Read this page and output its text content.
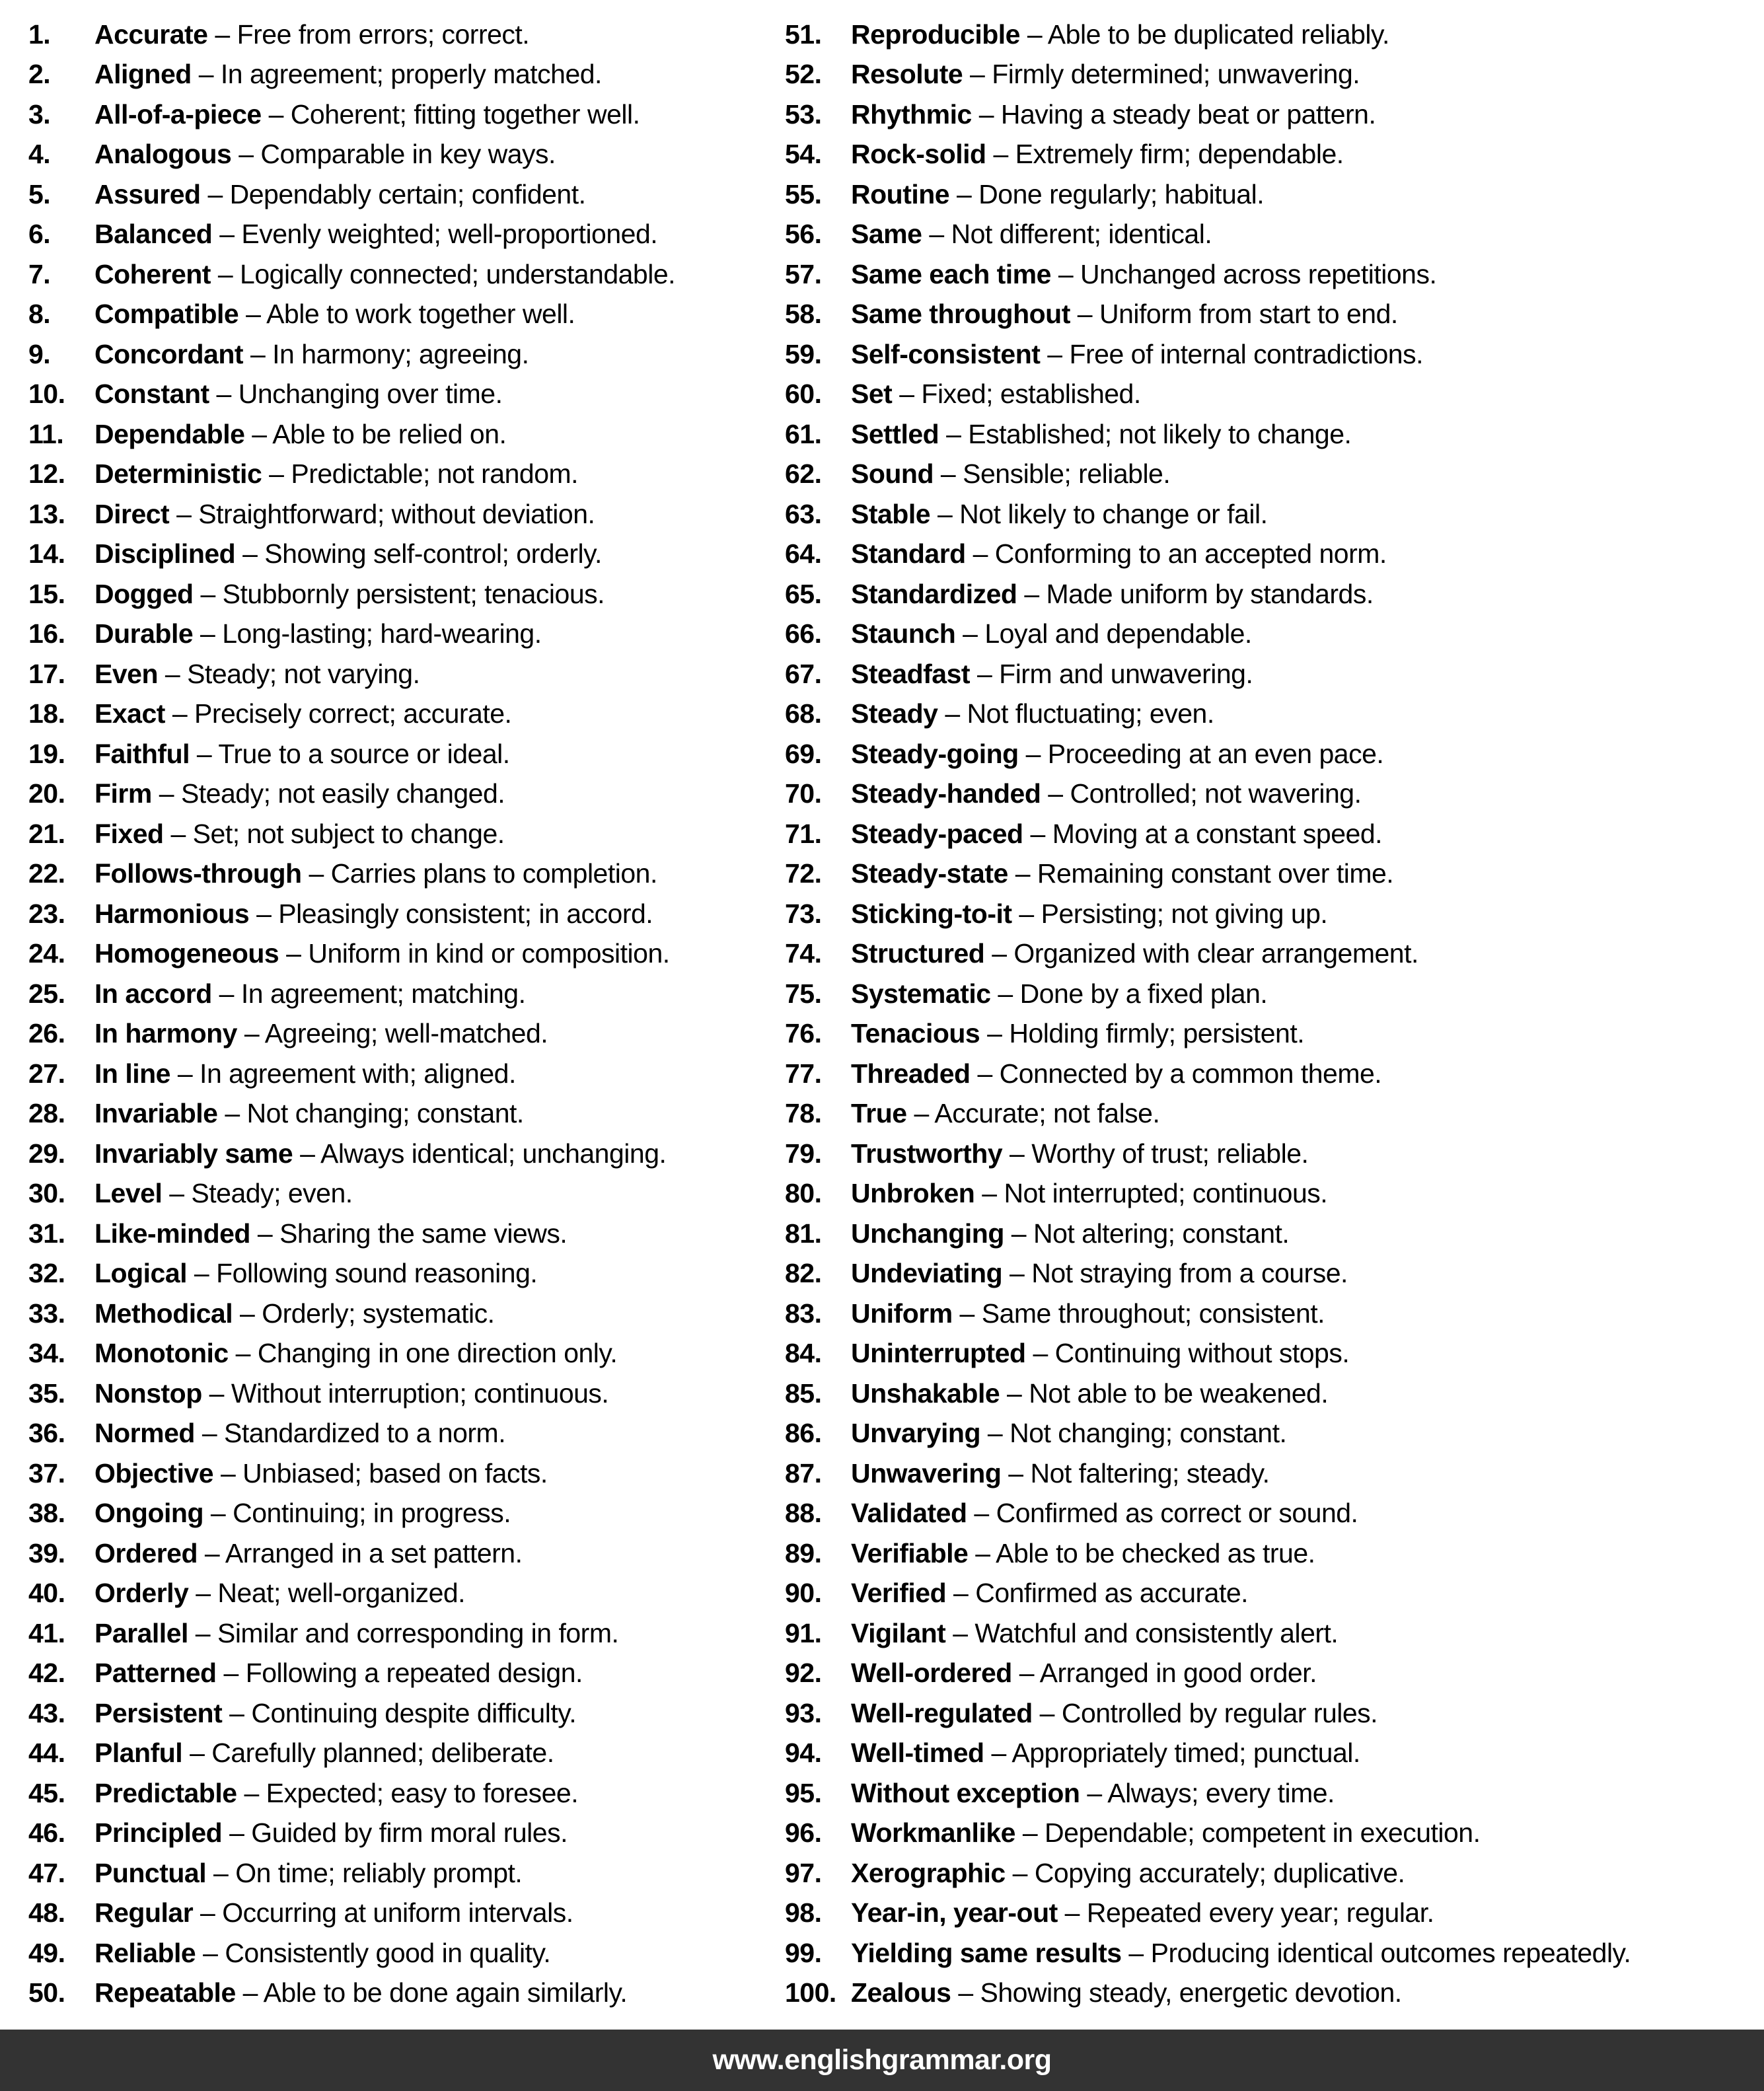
1.	Accurate – Free from errors; correct.
2.	Aligned – In agreement; properly matched.
3.	All-of-a-piece – Coherent; fitting together well.
4.	Analogous – Comparable in key ways.
5.	Assured – Dependably certain; confident.
6.	Balanced – Evenly weighted; well-proportioned.
7.	Coherent – Logically connected; understandable.
8.	Compatible – Able to work together well.
9.	Concordant – In harmony; agreeing.
10.	Constant – Unchanging over time.
11.	Dependable – Able to be relied on.
12.	Deterministic – Predictable; not random.
13.	Direct – Straightforward; without deviation.
14.	Disciplined – Showing self-control; orderly.
15.	Dogged – Stubbornly persistent; tenacious.
16.	Durable – Long-lasting; hard-wearing.
17.	Even – Steady; not varying.
18.	Exact – Precisely correct; accurate.
19.	Faithful – True to a source or ideal.
20.	Firm – Steady; not easily changed.
21.	Fixed – Set; not subject to change.
22.	Follows-through – Carries plans to completion.
23.	Harmonious – Pleasingly consistent; in accord.
24.	Homogeneous – Uniform in kind or composition.
25.	In accord – In agreement; matching.
26.	In harmony – Agreeing; well-matched.
27.	In line – In agreement with; aligned.
28.	Invariable – Not changing; constant.
29.	Invariably same – Always identical; unchanging.
30.	Level – Steady; even.
31.	Like-minded – Sharing the same views.
32.	Logical – Following sound reasoning.
33.	Methodical – Orderly; systematic.
34.	Monotonic – Changing in one direction only.
35.	Nonstop – Without interruption; continuous.
36.	Normed – Standardized to a norm.
37.	Objective – Unbiased; based on facts.
38.	Ongoing – Continuing; in progress.
39.	Ordered – Arranged in a set pattern.
40.	Orderly – Neat; well-organized.
41.	Parallel – Similar and corresponding in form.
42.	Patterned – Following a repeated design.
43.	Persistent – Continuing despite difficulty.
44.	Planful – Carefully planned; deliberate.
45.	Predictable – Expected; easy to foresee.
46.	Principled – Guided by firm moral rules.
47.	Punctual – On time; reliably prompt.
48.	Regular – Occurring at uniform intervals.
49.	Reliable – Consistently good in quality.
50.	Repeatable – Able to be done again similarly.
51.	Reproducible – Able to be duplicated reliably.
52.	Resolute – Firmly determined; unwavering.
53.	Rhythmic – Having a steady beat or pattern.
54.	Rock-solid – Extremely firm; dependable.
55.	Routine – Done regularly; habitual.
56.	Same – Not different; identical.
57.	Same each time – Unchanged across repetitions.
58.	Same throughout – Uniform from start to end.
59.	Self-consistent – Free of internal contradictions.
60.	Set – Fixed; established.
61.	Settled – Established; not likely to change.
62.	Sound – Sensible; reliable.
63.	Stable – Not likely to change or fail.
64.	Standard – Conforming to an accepted norm.
65.	Standardized – Made uniform by standards.
66.	Staunch – Loyal and dependable.
67.	Steadfast – Firm and unwavering.
68.	Steady – Not fluctuating; even.
69.	Steady-going – Proceeding at an even pace.
70.	Steady-handed – Controlled; not wavering.
71.	Steady-paced – Moving at a constant speed.
72.	Steady-state – Remaining constant over time.
73.	Sticking-to-it – Persisting; not giving up.
74.	Structured – Organized with clear arrangement.
75.	Systematic – Done by a fixed plan.
76.	Tenacious – Holding firmly; persistent.
77.	Threaded – Connected by a common theme.
78.	True – Accurate; not false.
79.	Trustworthy – Worthy of trust; reliable.
80.	Unbroken – Not interrupted; continuous.
81.	Unchanging – Not altering; constant.
82.	Undeviating – Not straying from a course.
83.	Uniform – Same throughout; consistent.
84.	Uninterrupted – Continuing without stops.
85.	Unshakable – Not able to be weakened.
86.	Unvarying – Not changing; constant.
87.	Unwavering – Not faltering; steady.
88.	Validated – Confirmed as correct or sound.
89.	Verifiable – Able to be checked as true.
90.	Verified – Confirmed as accurate.
91.	Vigilant – Watchful and consistently alert.
92.	Well-ordered – Arranged in good order.
93.	Well-regulated – Controlled by regular rules.
94.	Well-timed – Appropriately timed; punctual.
95.	Without exception – Always; every time.
96.	Workmanlike – Dependable; competent in execution.
97.	Xerographic – Copying accurately; duplicative.
98.	Year-in, year-out – Repeated every year; regular.
99.	Yielding same results – Producing identical outcomes repeatedly.
100. Zealous – Showing steady, energetic devotion.
www.englishgrammar.org
